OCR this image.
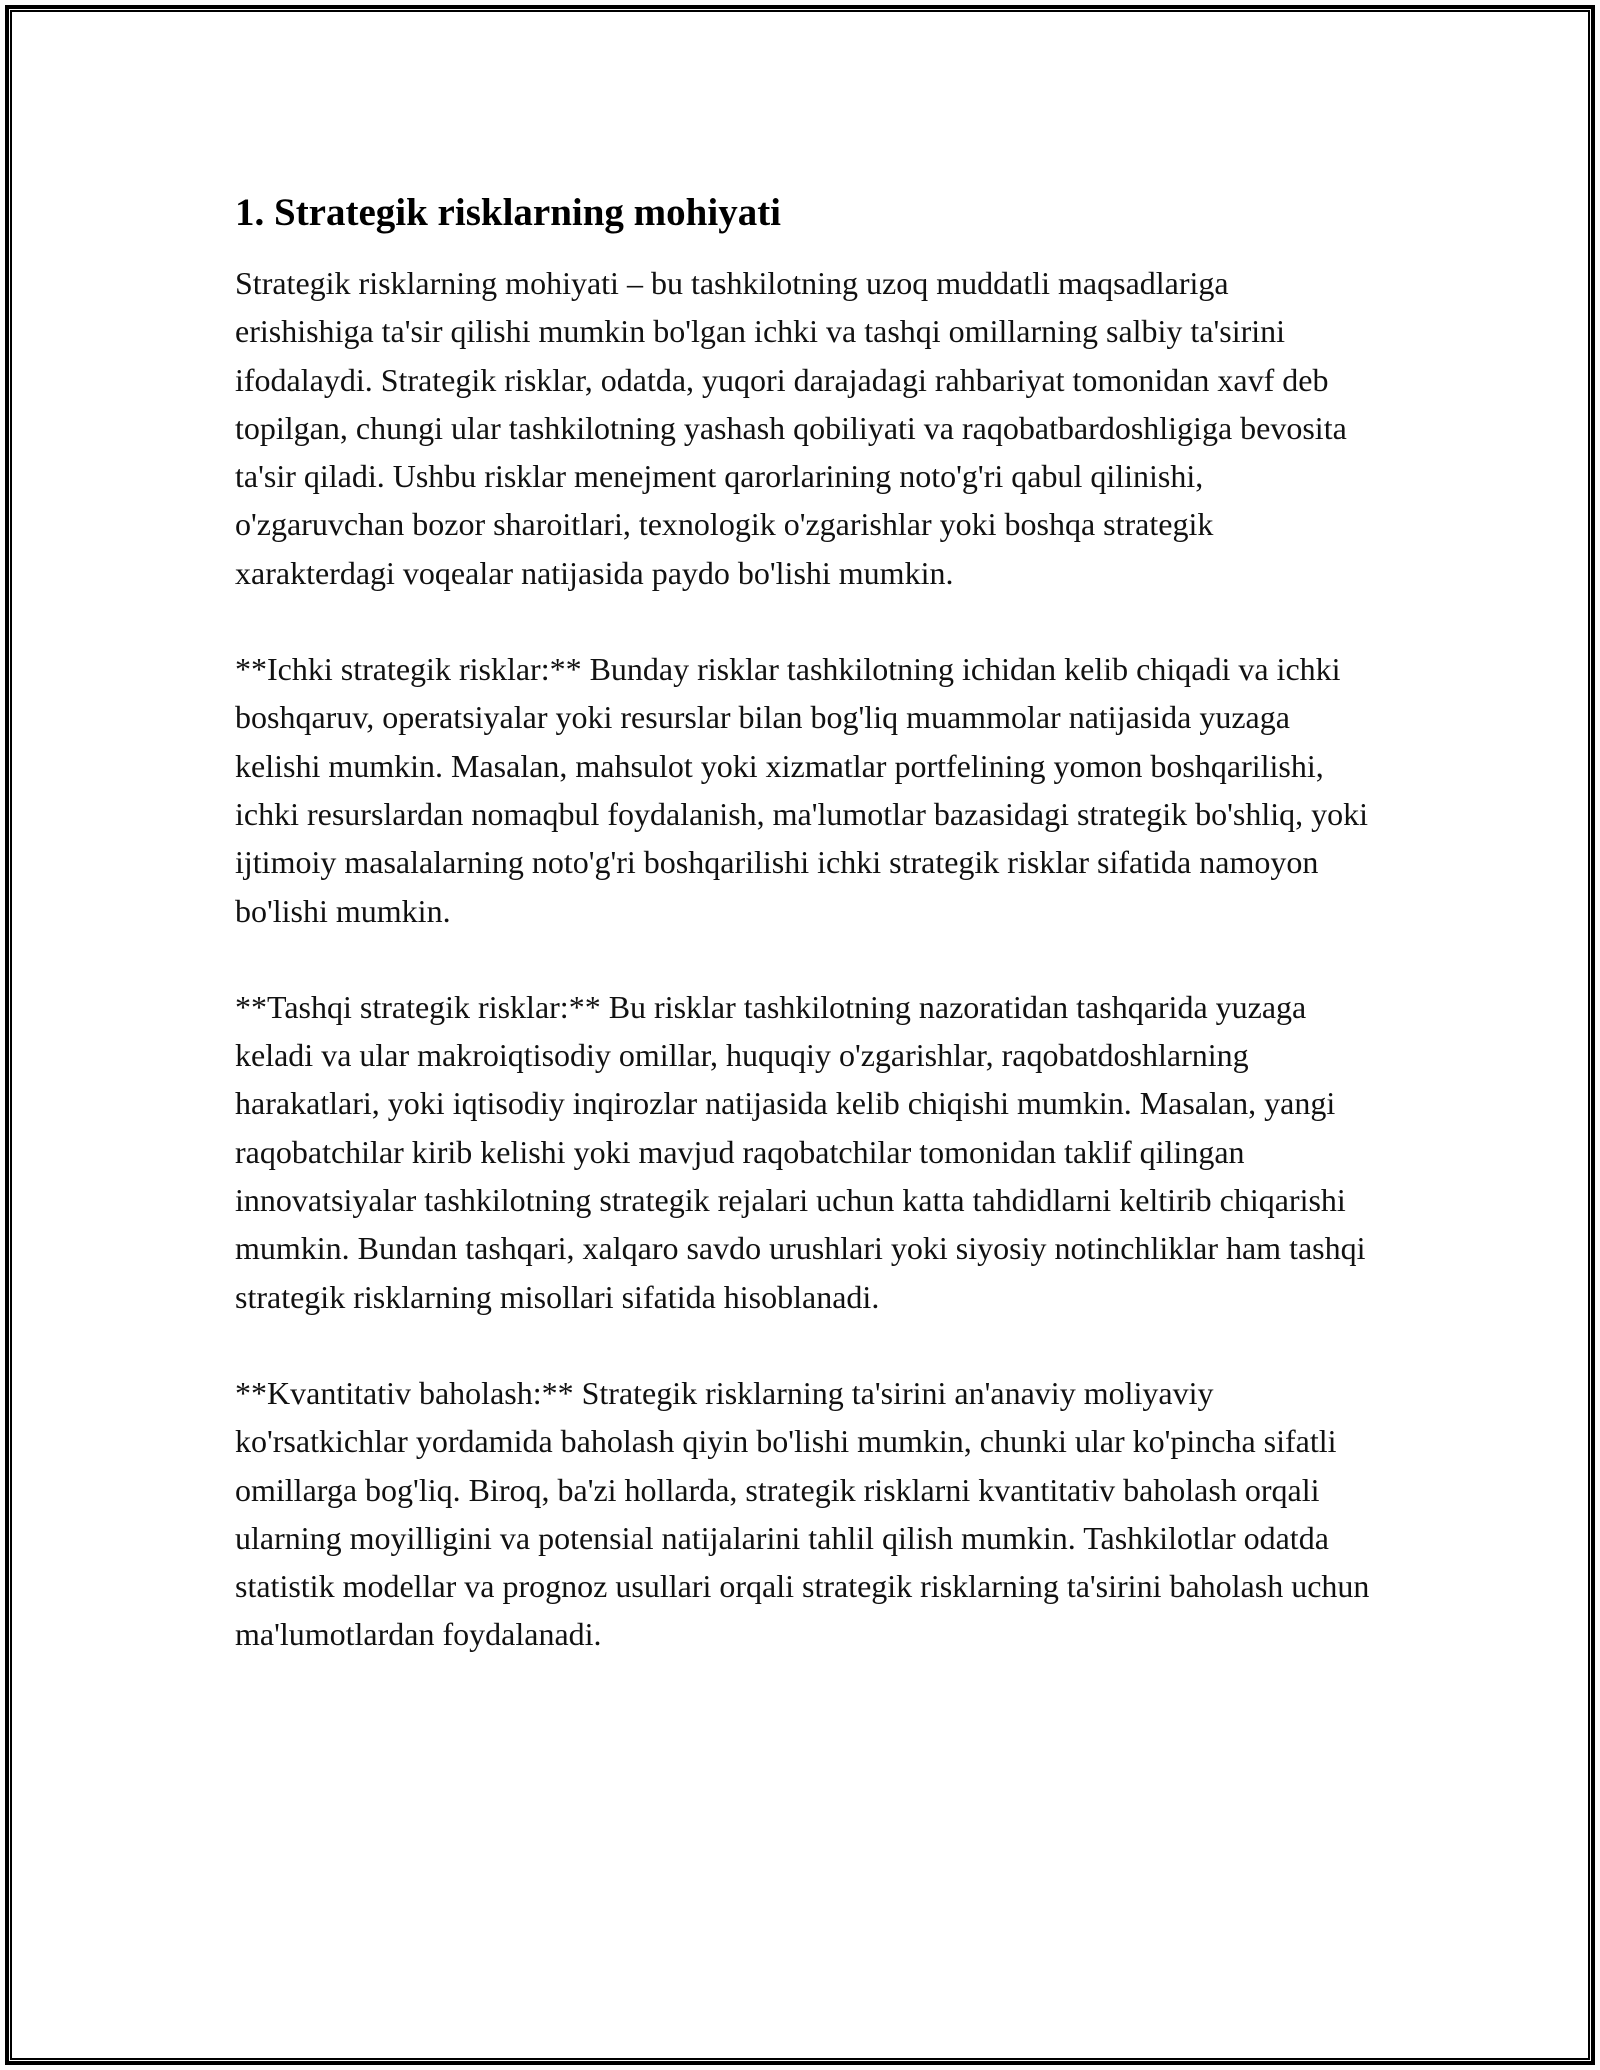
1. Strategik risklarning mohiyati

Strategik risklarning mohiyati – bu tashkilotning uzoq muddatli maqsadlariga erishishiga ta'sir qilishi mumkin bo'lgan ichki va tashqi omillarning salbiy ta'sirini ifodalaydi. Strategik risklar, odatda, yuqori darajadagi rahbariyat tomonidan xavf deb topilgan, chungi ular tashkilotning yashash qobiliyati va raqobatbardoshligiga bevosita ta'sir qiladi. Ushbu risklar menejment qarorlarining noto'g'ri qabul qilinishi, o'zgaruvchan bozor sharoitlari, texnologik o'zgarishlar yoki boshqa strategik xarakterdagi voqealar natijasida paydo bo'lishi mumkin.

**Ichki strategik risklar:** Bunday risklar tashkilotning ichidan kelib chiqadi va ichki boshqaruv, operatsiyalar yoki resurslar bilan bog'liq muammolar natijasida yuzaga kelishi mumkin. Masalan, mahsulot yoki xizmatlar portfelining yomon boshqarilishi, ichki resurslardan nomaqbul foydalanish, ma'lumotlar bazasidagi strategik bo'shliq, yoki ijtimoiy masalalarning noto'g'ri boshqarilishi ichki strategik risklar sifatida namoyon bo'lishi mumkin.

**Tashqi strategik risklar:** Bu risklar tashkilotning nazoratidan tashqarida yuzaga keladi va ular makroiqtisodiy omillar, huquqiy o'zgarishlar, raqobatdoshlarning harakatlari, yoki iqtisodiy inqirozlar natijasida kelib chiqishi mumkin. Masalan, yangi raqobatchilar kirib kelishi yoki mavjud raqobatchilar tomonidan taklif qilingan innovatsiyalar tashkilotning strategik rejalari uchun katta tahdidlarni keltirib chiqarishi mumkin. Bundan tashqari, xalqaro savdo urushlari yoki siyosiy notinchliklar ham tashqi strategik risklarning misollari sifatida hisoblanadi.

**Kvantitativ baholash:** Strategik risklarning ta'sirini an'anaviy moliyaviy ko'rsatkichlar yordamida baholash qiyin bo'lishi mumkin, chunki ular ko'pincha sifatli omillarga bog'liq. Biroq, ba'zi hollarda, strategik risklarni kvantitativ baholash orqali ularning moyilligini va potensial natijalarini tahlil qilish mumkin. Tashkilotlar odatda statistik modellar va prognoz usullari orqali strategik risklarning ta'sirini baholash uchun ma'lumotlardan foydalanadi.
